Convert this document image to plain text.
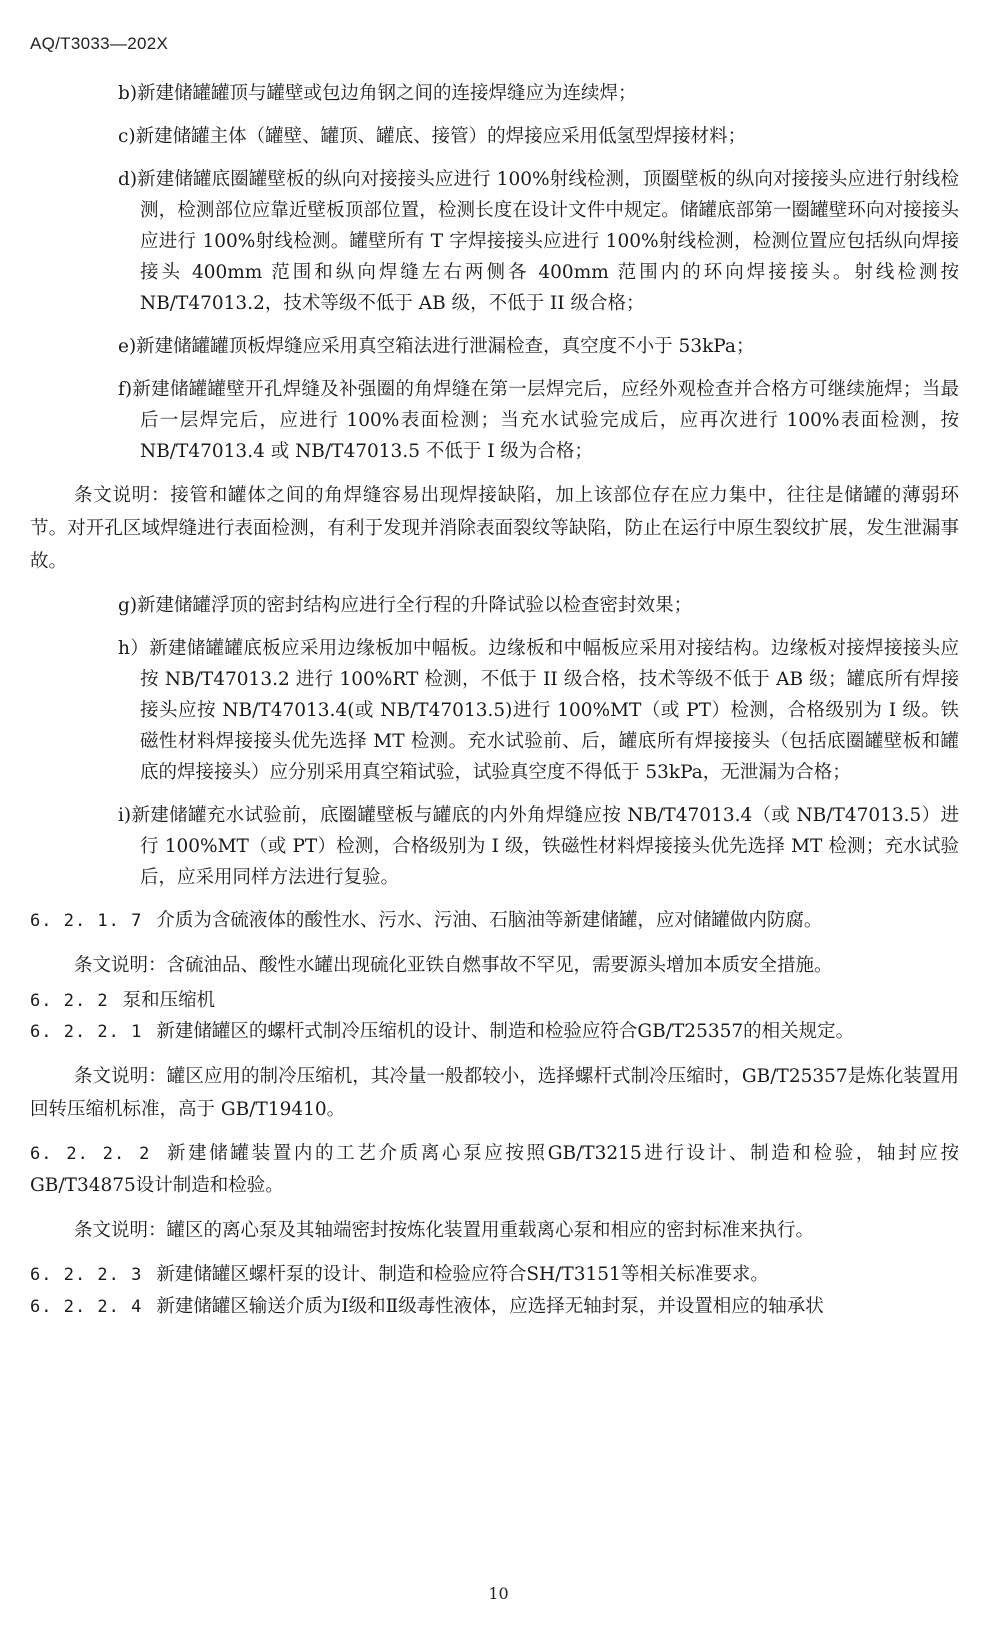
AQ/T3033—202X
b)新建储罐罐顶与罐壁或包边角钢之间的连接焊缝应为连续焊；
c)新建储罐主体（罐壁、罐顶、罐底、接管）的焊接应采用低氢型焊接材料；
d)新建储罐底圈罐壁板的纵向对接接头应进行 100%射线检测，顶圈壁板的纵向对接接头应进行射线检测，检测部位应靠近壁板顶部位置，检测长度在设计文件中规定。储罐底部第一圈罐壁环向对接接头应进行 100%射线检测。罐壁所有 T 字焊接接头应进行 100%射线检测，检测位置应包括纵向焊接接头 400mm 范围和纵向焊缝左右两侧各 400mm 范围内的环向焊接接头。射线检测按 NB/T47013.2，技术等级不低于 AB 级，不低于 II 级合格；
e)新建储罐罐顶板焊缝应采用真空箱法进行泄漏检查，真空度不小于 53kPa；
f)新建储罐罐壁开孔焊缝及补强圈的角焊缝在第一层焊完后，应经外观检查并合格方可继续施焊；当最后一层焊完后，应进行 100%表面检测；当充水试验完成后，应再次进行 100%表面检测，按 NB/T47013.4 或 NB/T47013.5 不低于 I 级为合格；
条文说明：接管和罐体之间的角焊缝容易出现焊接缺陷，加上该部位存在应力集中，往往是储罐的薄弱环节。对开孔区域焊缝进行表面检测，有利于发现并消除表面裂纹等缺陷，防止在运行中原生裂纹扩展，发生泄漏事故。
g)新建储罐浮顶的密封结构应进行全行程的升降试验以检查密封效果；
h）新建储罐罐底板应采用边缘板加中幅板。边缘板和中幅板应采用对接结构。边缘板对接焊接接头应按 NB/T47013.2 进行 100%RT 检测，不低于 II 级合格，技术等级不低于 AB 级；罐底所有焊接接头应按 NB/T47013.4(或 NB/T47013.5)进行 100%MT（或 PT）检测，合格级别为 I 级。铁磁性材料焊接接头优先选择 MT 检测。充水试验前、后，罐底所有焊接接头（包括底圈罐壁板和罐底的焊接接头）应分别采用真空箱试验，试验真空度不得低于 53kPa，无泄漏为合格；
i)新建储罐充水试验前，底圈罐壁板与罐底的内外角焊缝应按 NB/T47013.4（或 NB/T47013.5）进行 100%MT（或 PT）检测，合格级别为 I 级，铁磁性材料焊接接头优先选择 MT 检测；充水试验后，应采用同样方法进行复验。
6. 2. 1. 7 介质为含硫液体的酸性水、污水、污油、石脑油等新建储罐，应对储罐做内防腐。
条文说明：含硫油品、酸性水罐出现硫化亚铁自燃事故不罕见，需要源头增加本质安全措施。
6. 2. 2 泵和压缩机
6. 2. 2. 1 新建储罐区的螺杆式制冷压缩机的设计、制造和检验应符合GB/T25357的相关规定。
条文说明：罐区应用的制冷压缩机，其冷量一般都较小，选择螺杆式制冷压缩时，GB/T25357是炼化装置用回转压缩机标准，高于 GB/T19410。
6. 2. 2. 2 新建储罐装置内的工艺介质离心泵应按照GB/T3215进行设计、制造和检验，轴封应按GB/T34875设计制造和检验。
条文说明：罐区的离心泵及其轴端密封按炼化装置用重载离心泵和相应的密封标准来执行。
6. 2. 2. 3 新建储罐区螺杆泵的设计、制造和检验应符合SH/T3151等相关标准要求。
6. 2. 2. 4 新建储罐区输送介质为Ⅰ级和Ⅱ级毒性液体，应选择无轴封泵，并设置相应的轴承状
10
